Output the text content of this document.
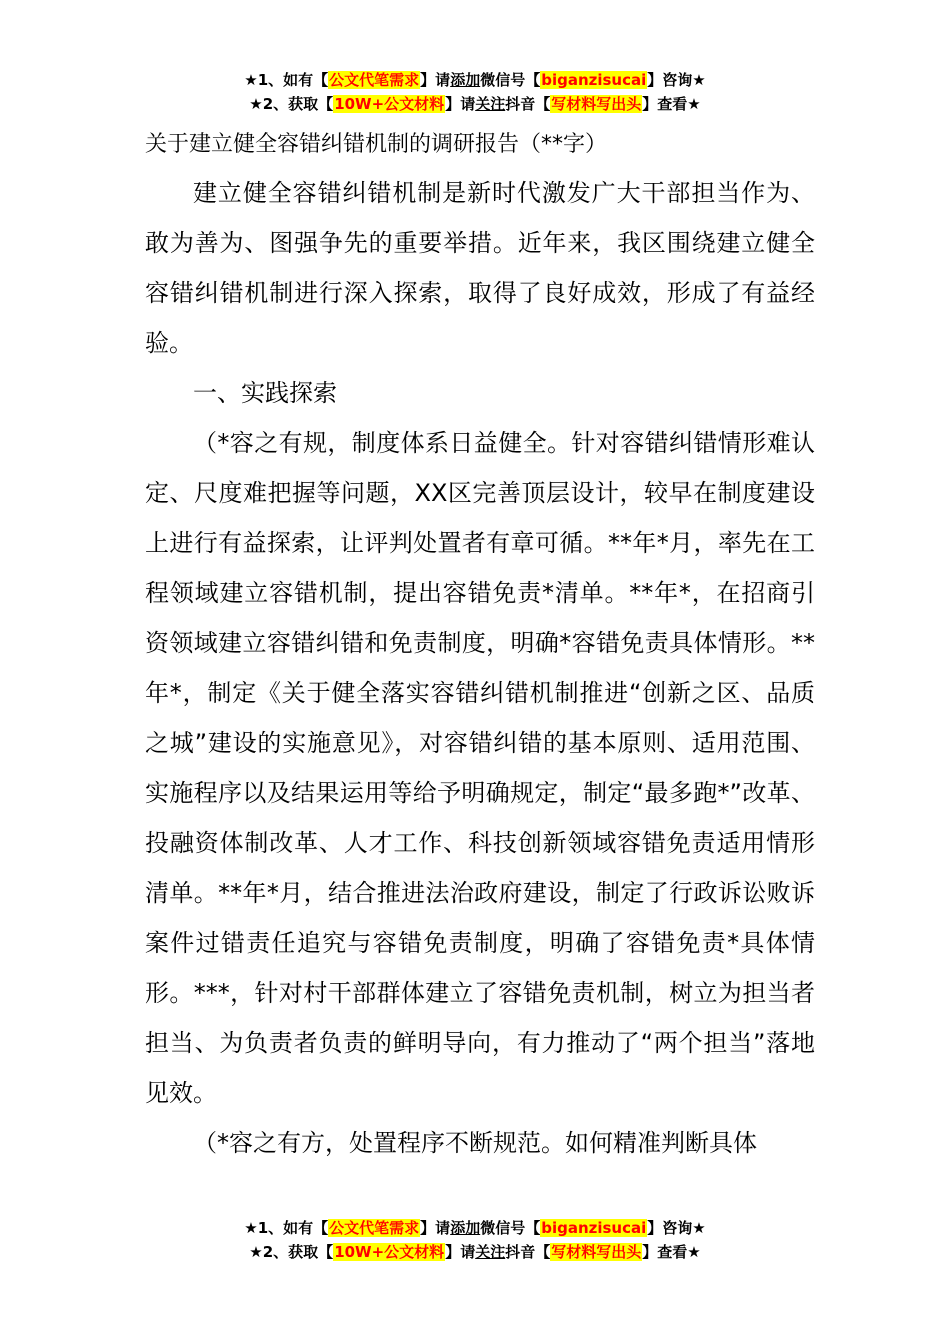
★1、如有【公文代笔需求】请添加微信号【biganzisucai】咨询★
★2、获取【10W+公文材料】请关注抖音【写材料写出头】查看★
关于建立健全容错纠错机制的调研报告（**字）

建立健全容错纠错机制是新时代激发广大干部担当作为、敢为善为、图强争先的重要举措。近年来，我区围绕建立健全容错纠错机制进行深入探索，取得了良好成效，形成了有益经验。

一、实践探索

（*容之有规，制度体系日益健全。针对容错纠错情形难认定、尺度难把握等问题，XX区完善顶层设计，较早在制度建设上进行有益探索，让评判处置者有章可循。**年*月，率先在工程领域建立容错机制，提出容错免责*清单。**年*，在招商引资领域建立容错纠错和免责制度，明确*容错免责具体情形。**年*，制定《关于健全落实容错纠错机制推进“创新之区、品质之城”建设的实施意见》，对容错纠错的基本原则、适用范围、实施程序以及结果运用等给予明确规定，制定“最多跑*”改革、投融资体制改革、人才工作、科技创新领域容错免责适用情形清单。**年*月，结合推进法治政府建设，制定了行政诉讼败诉案件过错责任追究与容错免责制度，明确了容错免责*具体情形。***，针对村干部群体建立了容错免责机制，树立为担当者担当、为负责者负责的鲜明导向，有力推动了“两个担当”落地见效。

（*容之有方，处置程序不断规范。如何精准判断具体

★1、如有【公文代笔需求】请添加微信号【biganzisucai】咨询★
★2、获取【10W+公文材料】请关注抖音【写材料写出头】查看★
